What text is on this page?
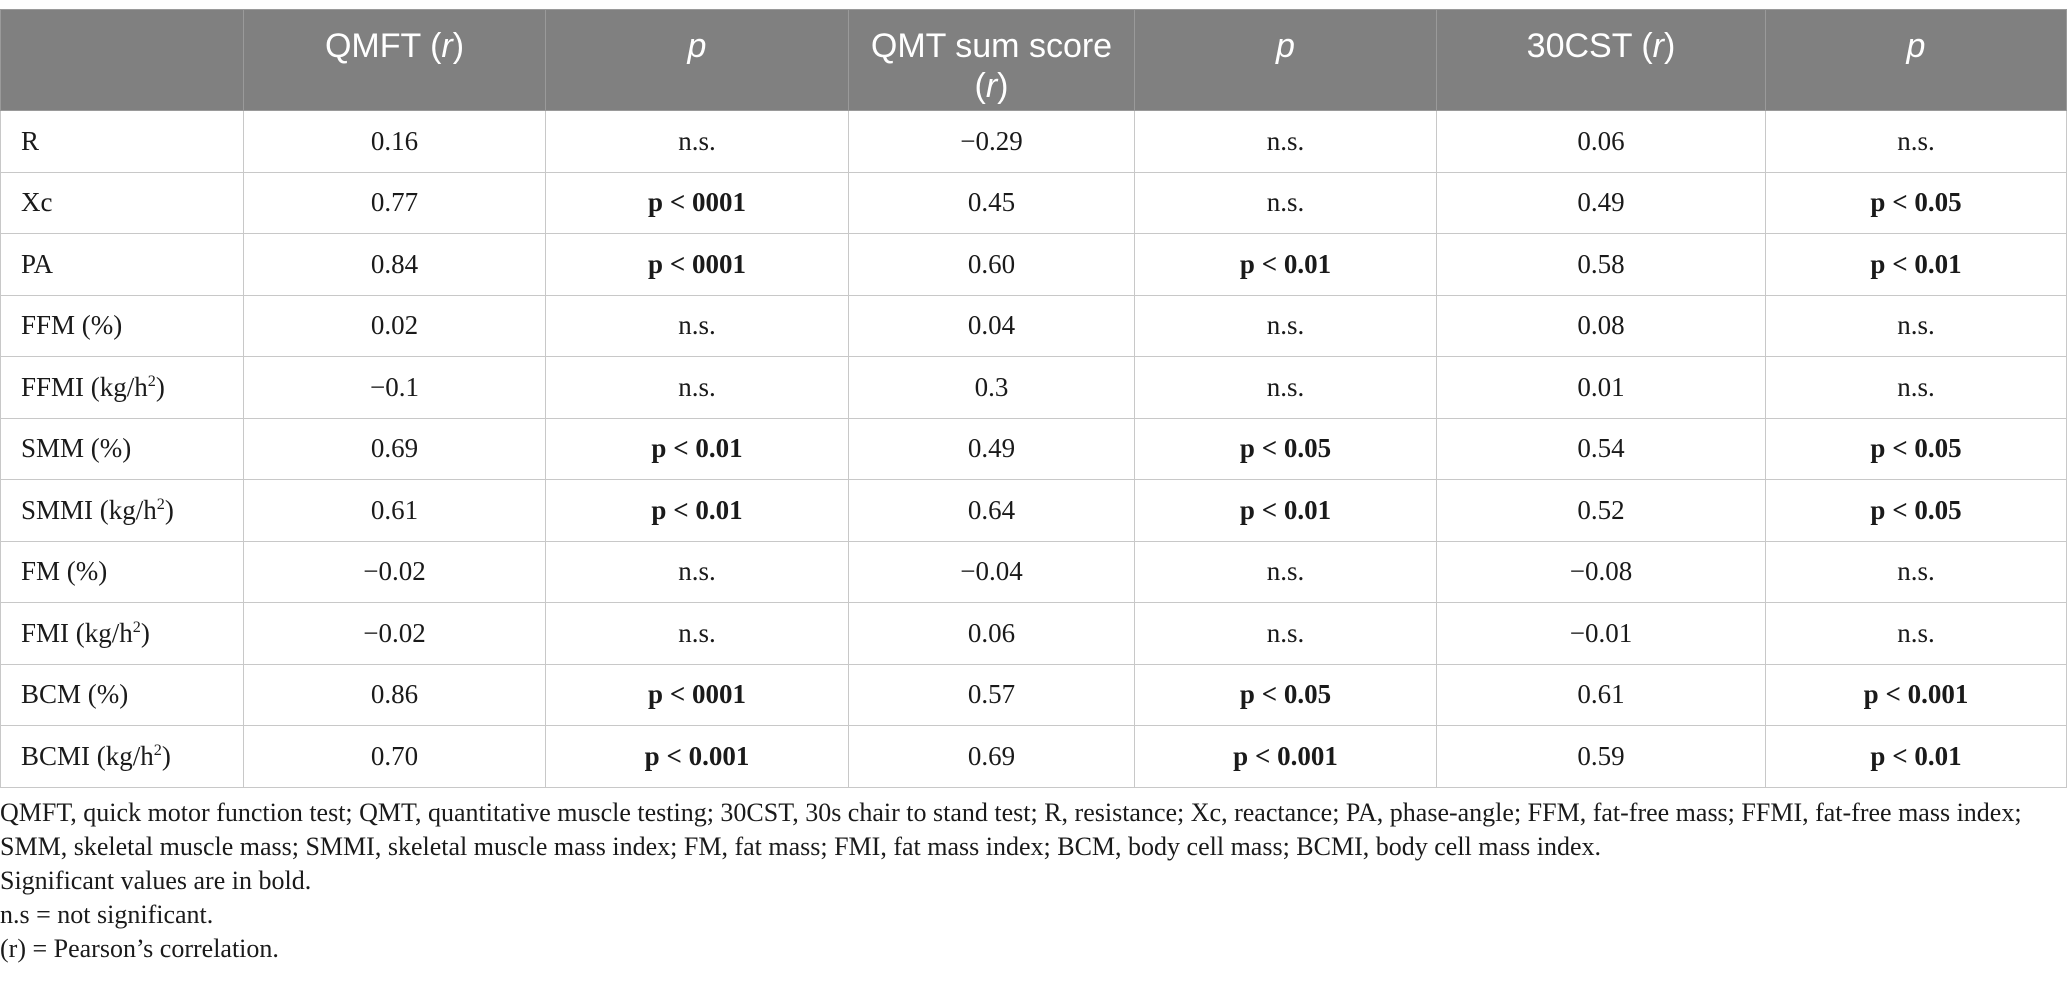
	QMFT (r)	p	QMT sum score (r)	p	30CST (r)	p
R	0.16	n.s.	−0.29	n.s.	0.06	n.s.
Xc	0.77	p < 0001	0.45	n.s.	0.49	p < 0.05
PA	0.84	p < 0001	0.60	p < 0.01	0.58	p < 0.01
FFM (%)	0.02	n.s.	0.04	n.s.	0.08	n.s.
FFMI $(kg/h^2)$	−0.1	n.s.	0.3	n.s.	0.01	n.s.
SMM (%)	0.69	p < 0.01	0.49	p < 0.05	0.54	p < 0.05
SMMI $(kg/h^2)$	0.61	p < 0.01	0.64	p < 0.01	0.52	p < 0.05
FM (%)	−0.02	n.s.	−0.04	n.s.	−0.08	n.s.
FMI $(kg/h^2)$	−0.02	n.s.	0.06	n.s.	−0.01	n.s.
BCM (%)	0.86	p < 0001	0.57	p < 0.05	0.61	p < 0.001
BCMI $(kg/h^2)$	0.70	p < 0.001	0.69	p < 0.001	0.59	p < 0.01
QMFT, quick motor function test; QMT, quantitative muscle testing; 30CST, 30s chair to stand test; R, resistance; Xc, reactance; PA, phase-angle; FFM, fat-free mass; FFMI, fat-free mass index; SMM, skeletal muscle mass; SMMI, skeletal muscle mass index; FM, fat mass; FMI, fat mass index; BCM, body cell mass; BCMI, body cell mass index.
Significant values are in bold.
n.s = not significant.
(r) = Pearson’s correlation.
